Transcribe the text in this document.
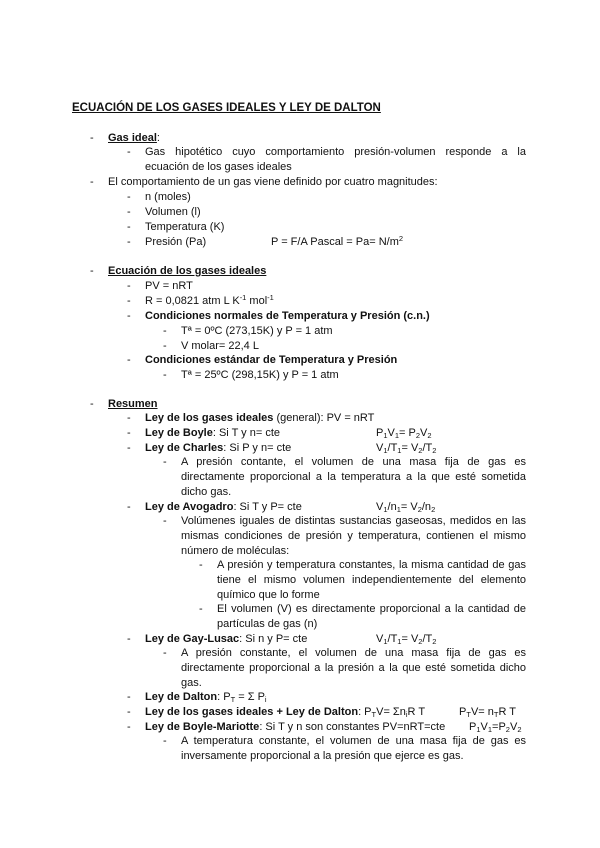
ECUACIÓN DE LOS GASES IDEALES Y LEY DE DALTON
- Gas ideal:
- Gas hipotético cuyo comportamiento presión-volumen responde a la
ecuación de los gases ideales
- El comportamiento de un gas viene definido por cuatro magnitudes:
- n (moles)
- Volumen (l)
- Temperatura (K)
- Presión (Pa)	P = F/A Pascal = $Pa= N/m^2$
- Ecuación de los gases ideales
- PV = nRT
- R = 0,0821 atm L $K^{-1}$ mol$^{-1}$
- Condiciones normales de Temperatura y Presión (c.n.)
- Tª = 0ºC (273,15K) y P = 1 atm
- V molar= 22,4 L
- Condiciones estándar de Temperatura y Presión
- Tª = 25ºC (298,15K) y P = 1 atm
- Resumen
- Ley de los gases ideales (general): PV = nRT
- Ley de Boyle: Si T y n= cte	$P_1V_1= P_2V_2$
- Ley de Charles: Si P y n= cte	$V_1/T_1= V_2/T_2$
- A presión contante, el volumen de una masa fija de gas es
directamente proporcional a la temperatura a la que esté sometida
dicho gas.
- Ley de Avogadro: Si T y P= cte	$V_1/n_1= V_2/n_2$
- Volúmenes iguales de distintas sustancias gaseosas, medidos en las
mismas condiciones de presión y temperatura, contienen el mismo
número de moléculas:
- A presión y temperatura constantes, la misma cantidad de gas
tiene el mismo volumen independientemente del elemento
químico que lo forme
- El volumen (V) es directamente proporcional a la cantidad de
partículas de gas (n)
- Ley de Gay-Lusac: Si n y P= cte	$V_1/T_1= V_2/T_2$
- A presión constante, el volumen de una masa fija de gas es
directamente proporcional a la presión a la que esté sometida dicho
gas.
- Ley de Dalton: $P_T = \Sigma$ $P_i$
- Ley de los gases ideales + Ley de Dalton: $P_TV= \Sigma n_iR$ T	$P_TV= n_TR$ T
- Ley de Boyle-Mariotte: Si T y n son constantes PV=nRT=cte $P_1V_1=P_2V_2$
- A temperatura constante, el volumen de una masa fija de gas es
inversamente proporcional a la presión que ejerce es gas.
